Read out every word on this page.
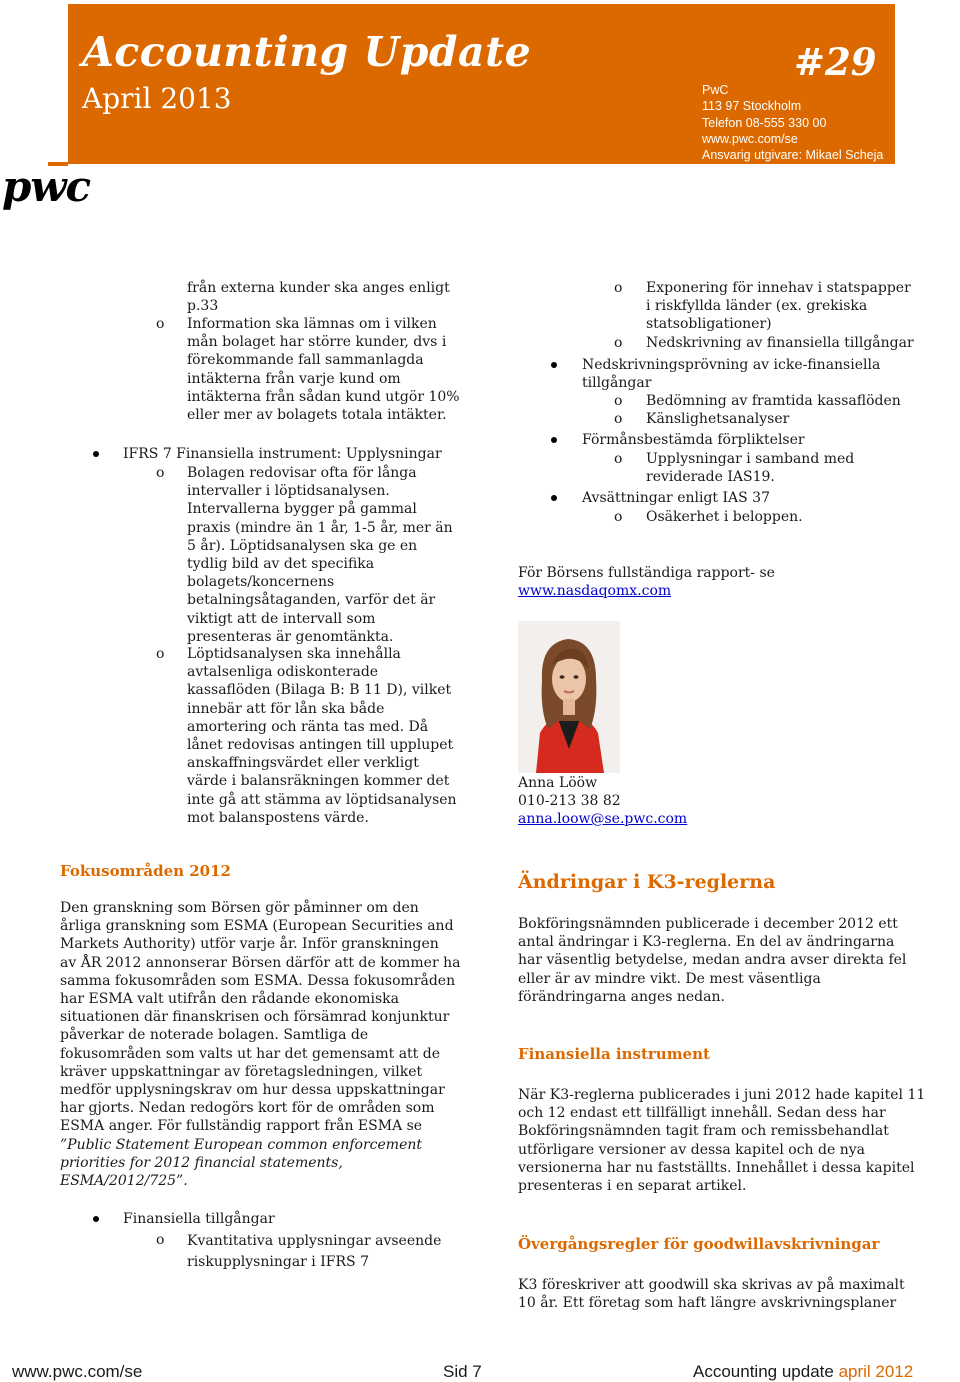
Accounting Update
April 2013
#29
PwC
113 97 Stockholm
Telefon 08-555 330 00
www.pwc.com/se
Ansvarig utgivare: Mikael Scheja
pwc
från externa kunder ska anges enligt
p.33
o Information ska lämnas om i vilken
mån bolaget har större kunder, dvs i
förekommande fall sammanlagda
intäkterna från varje kund om
intäkterna från sådan kund utgör 10%
eller mer av bolagets totala intäkter.
IFRS 7 Finansiella instrument: Upplysningar
o Bolagen redovisar ofta för långa
intervaller i löptidsanalysen.
Intervallerna bygger på gammal
praxis (mindre än 1 år, 1-5 år, mer än
5 år). Löptidsanalysen ska ge en
tydlig bild av det specifika
bolagets/koncernens
betalningsåtaganden, varför det är
viktigt att de intervall som
presenteras är genomtänkta.
o Löptidsanalysen ska innehålla
avtalsenliga odiskonterade
kassaflöden (Bilaga B: B 11 D), vilket
innebär att för lån ska både
amortering och ränta tas med. Då
lånet redovisas antingen till upplupet
anskaffningsvärdet eller verkligt
värde i balansräkningen kommer det
inte gå att stämma av löptidsanalysen
mot balanspostens värde.
o Exponering för innehav i statspapper
i riskfyllda länder (ex. grekiska
statsobligationer)
o Nedskrivning av finansiella tillgångar
Nedskrivningsprövning av icke-finansiella
tillgångar
o Bedömning av framtida kassaflöden
o Känslighetsanalyser
Förmånsbestämda förpliktelser
o Upplysningar i samband med
reviderade IAS19.
Avsättningar enligt IAS 37
o Osäkerhet i beloppen.
För Börsens fullständiga rapport- se
www.nasdaqomx.com
Anna Lööw
010-213 38 82
anna.loow@se.pwc.com
Fokusområden 2012
Den granskning som Börsen gör påminner om den
årliga granskning som ESMA (European Securities and
Markets Authority) utför varje år. Inför granskningen
av ÅR 2012 annonserar Börsen därför att de kommer ha
samma fokusområden som ESMA. Dessa fokusområden
har ESMA valt utifrån den rådande ekonomiska
situationen där finanskrisen och försämrad konjunktur
påverkar de noterade bolagen. Samtliga de
fokusområden som valts ut har det gemensamt att de
kräver uppskattningar av företagsledningen, vilket
medför upplysningskrav om hur dessa uppskattningar
har gjorts. Nedan redogörs kort för de områden som
ESMA anger. För fullständig rapport från ESMA se
”Public Statement European common enforcement
priorities for 2012 financial statements,
ESMA/2012/725”.
Finansiella tillgångar
o Kvantitativa upplysningar avseende
riskupplysningar i IFRS 7
Ändringar i K3-reglerna
Bokföringsnämnden publicerade i december 2012 ett
antal ändringar i K3-reglerna. En del av ändringarna
har väsentlig betydelse, medan andra avser direkta fel
eller är av mindre vikt. De mest väsentliga
förändringarna anges nedan.
Finansiella instrument
När K3-reglerna publicerades i juni 2012 hade kapitel 11
och 12 endast ett tillfälligt innehåll. Sedan dess har
Bokföringsnämnden tagit fram och remissbehandlat
utförligare versioner av dessa kapitel och de nya
versionerna har nu fastställts. Innehållet i dessa kapitel
presenteras i en separat artikel.
Övergångsregler för goodwillavskrivningar
K3 föreskriver att goodwill ska skrivas av på maximalt
10 år. Ett företag som haft längre avskrivningsplaner
www.pwc.com/se	Sid 7	Accounting update april 2012
